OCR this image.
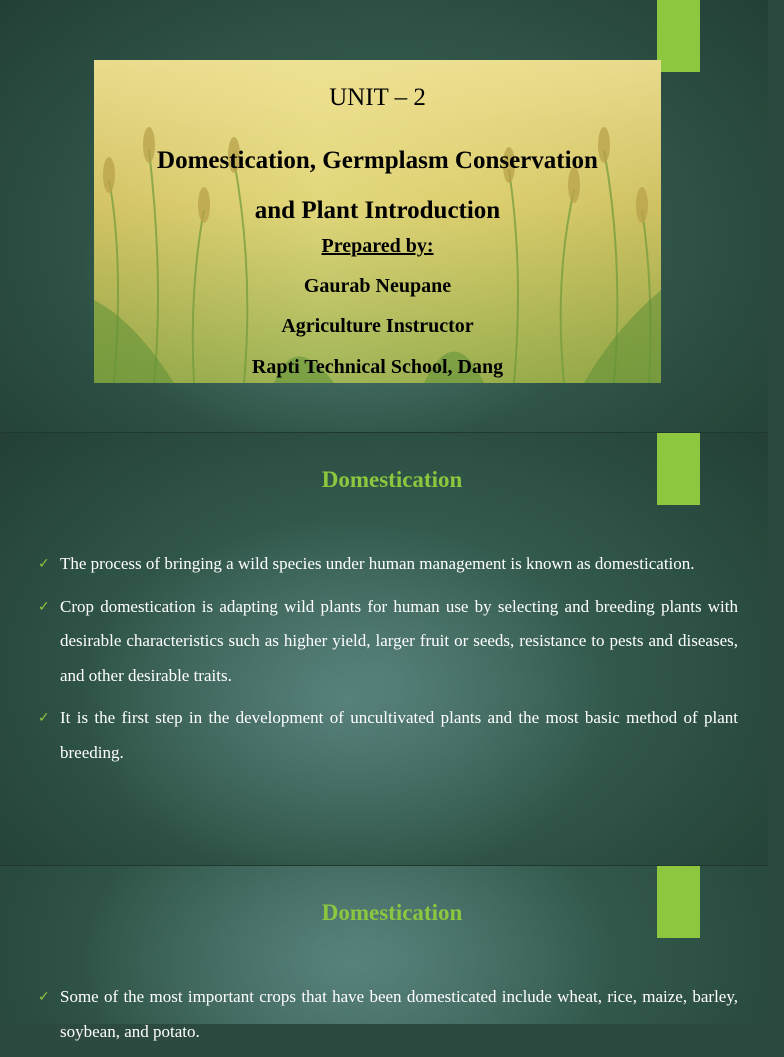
UNIT – 2
Domestication, Germplasm Conservation
and Plant Introduction
Prepared by:
Gaurab Neupane
Agriculture Instructor
Rapti Technical School, Dang
Domestication
✓ The process of bringing a wild species under human management is known as domestication.
✓ Crop domestication is adapting wild plants for human use by selecting and breeding plants with desirable characteristics such as higher yield, larger fruit or seeds, resistance to pests and diseases, and other desirable traits.
✓ It is the first step in the development of uncultivated plants and the most basic method of plant breeding.
Domestication
✓ Some of the most important crops that have been domesticated include wheat, rice, maize, barley, soybean, and potato.
